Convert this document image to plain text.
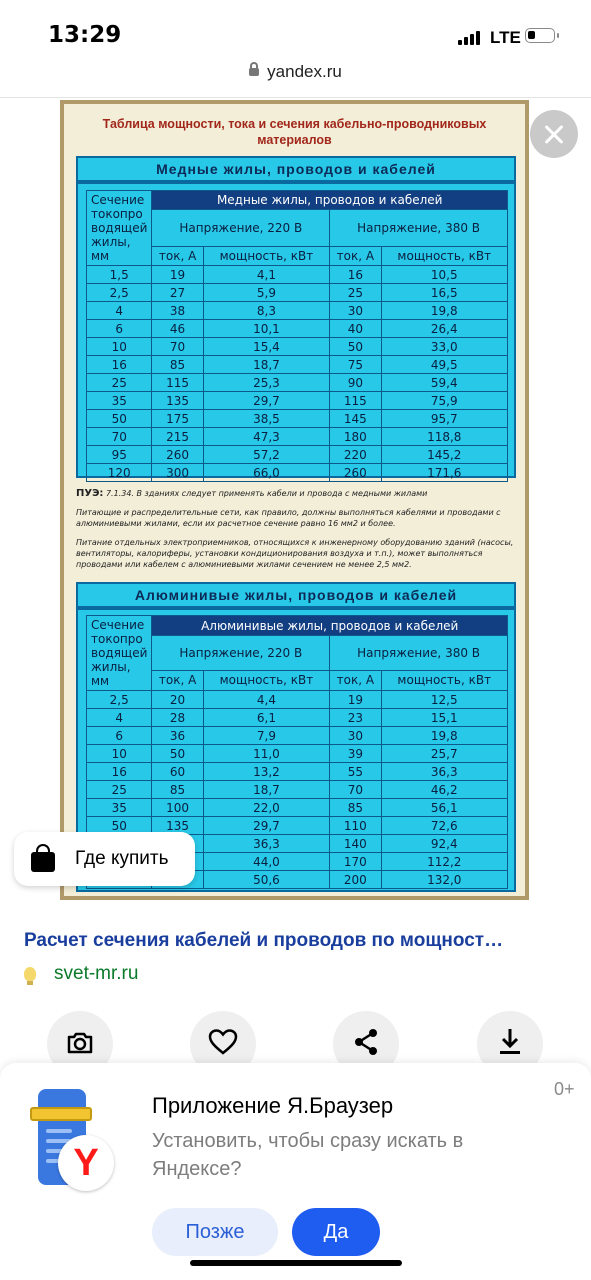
13:29	LTE
yandex.ru
Таблица мощности, тока и сечения кабельно-проводниковых материалов
Медные жилы, проводов и кабелей
Сечение токопро водящей жилы, мм	Медные жилы, проводов и кабелей			
	Напряжение, 220 В		Напряжение, 380 В	
	ток, А	мощность, кВт	ток, А	мощность, кВт
1,5	19	4,1	16	10,5
2,5	27	5,9	25	16,5
4	38	8,3	30	19,8
6	46	10,1	40	26,4
10	70	15,4	50	33,0
16	85	18,7	75	49,5
25	115	25,3	90	59,4
35	135	29,7	115	75,9
50	175	38,5	145	95,7
70	215	47,3	180	118,8
95	260	57,2	220	145,2
120	300	66,0	260	171,6
ПУЭ: 7.1.34. В зданиях следует применять кабели и провода с медными жилами
Питающие и распределительные сети, как правило, должны выполняться кабелями и проводами с алюминиевыми жилами, если их расчетное сечение равно 16 мм2 и более.
Питание отдельных электроприемников, относящихся к инженерному оборудованию зданий (насосы, вентиляторы, калориферы, установки кондиционирования воздуха и т.п.), может выполняться проводами или кабелем с алюминиевыми жилами сечением не менее 2,5 мм2.
Алюминивые жилы, проводов и кабелей
Сечение токопро водящей жилы, мм	Алюминивые жилы, проводов и кабелей			
	Напряжение, 220 В		Напряжение, 380 В	
	ток, А	мощность, кВт	ток, А	мощность, кВт
2,5	20	4,4	19	12,5
4	28	6,1	23	15,1
6	36	7,9	30	19,8
10	50	11,0	39	25,7
16	60	13,2	55	36,3
25	85	18,7	70	46,2
35	100	22,0	85	56,1
50	135	29,7	110	72,6
		36,3	140	92,4
		44,0	170	112,2
		50,6	200	132,0
Где купить
Расчет сечения кабелей и проводов по мощност…
svet-mr.ru
Y
Приложение Я.Браузер
Установить, чтобы сразу искать в Яндексе?
0+
Позже	Да
